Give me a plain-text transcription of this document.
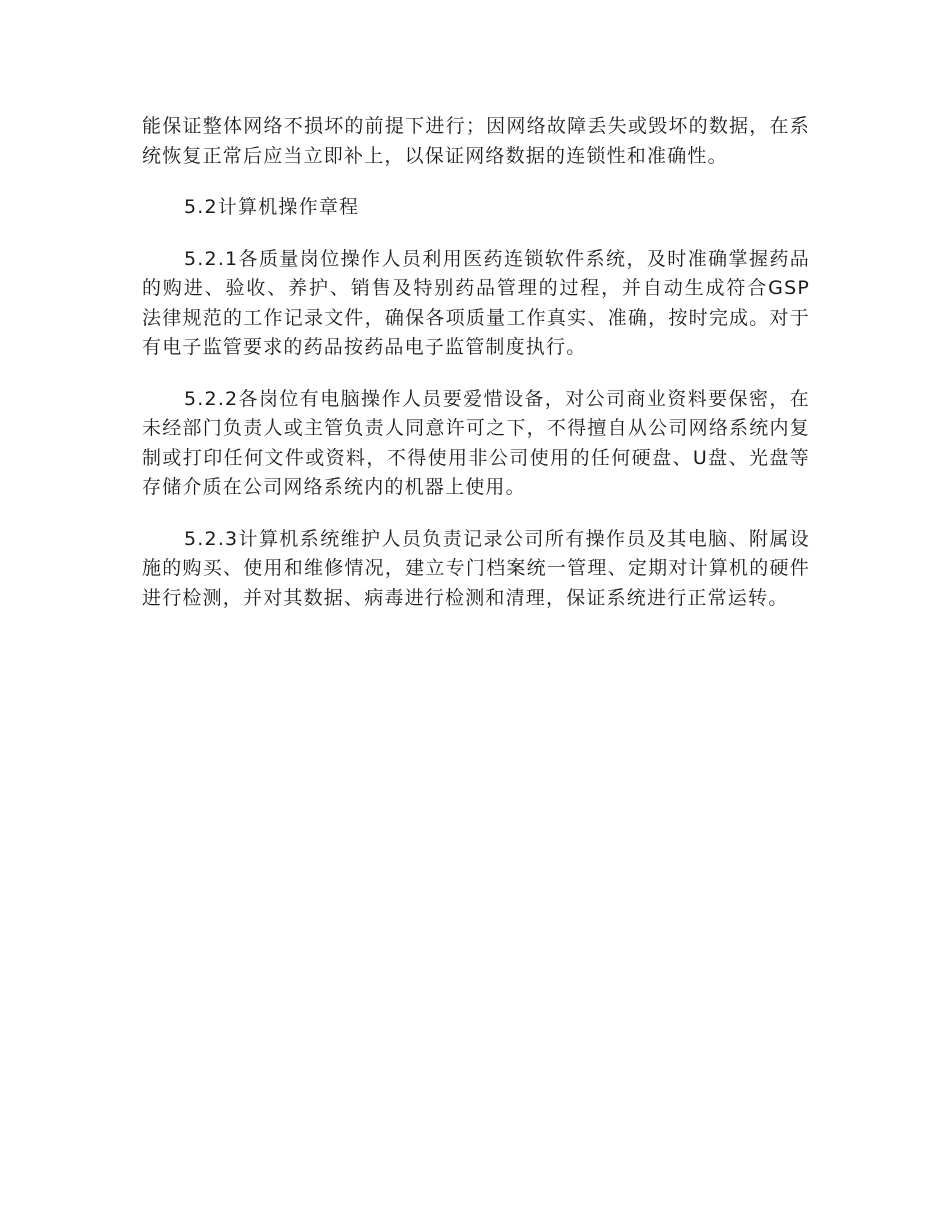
能保证整体网络不损坏的前提下进行；因网络故障丢失或毁坏的数据，在系统恢复正常后应当立即补上，以保证网络数据的连锁性和准确性。

5.2计算机操作章程

5.2.1各质量岗位操作人员利用医药连锁软件系统，及时准确掌握药品的购进、验收、养护、销售及特别药品管理的过程，并自动生成符合GSP法律规范的工作记录文件，确保各项质量工作真实、准确，按时完成。对于有电子监管要求的药品按药品电子监管制度执行。

5.2.2各岗位有电脑操作人员要爱惜设备，对公司商业资料要保密，在未经部门负责人或主管负责人同意许可之下，不得擅自从公司网络系统内复制或打印任何文件或资料，不得使用非公司使用的任何硬盘、U盘、光盘等存储介质在公司网络系统内的机器上使用。

5.2.3计算机系统维护人员负责记录公司所有操作员及其电脑、附属设施的购买、使用和维修情况，建立专门档案统一管理、定期对计算机的硬件进行检测，并对其数据、病毒进行检测和清理，保证系统进行正常运转。
